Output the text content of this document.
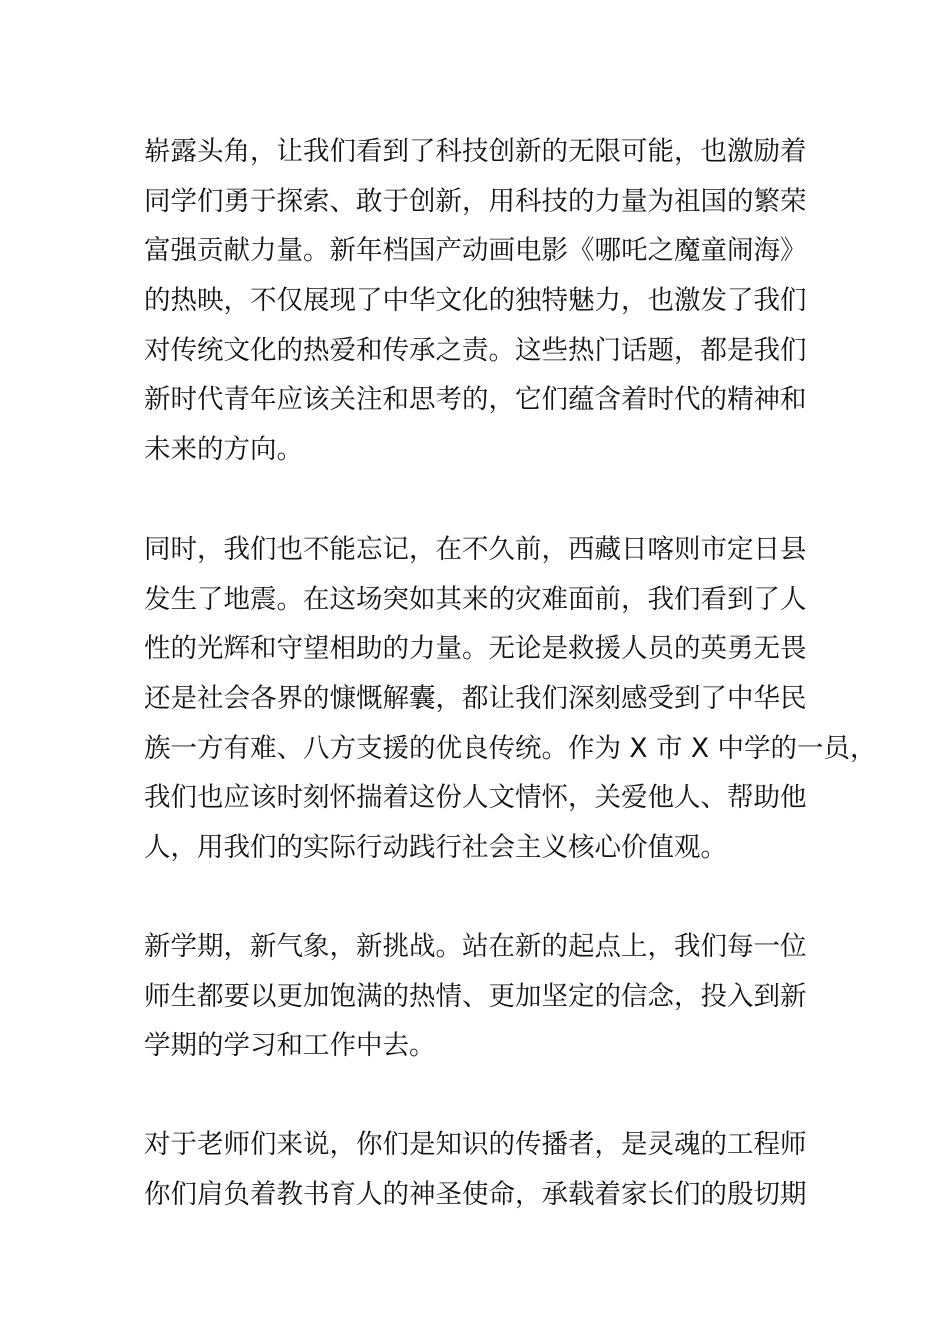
崭露头角，让我们看到了科技创新的无限可能，也激励着
同学们勇于探索、敢于创新，用科技的力量为祖国的繁荣
富强贡献力量。新年档国产动画电影《哪吒之魔童闹海》
的热映，不仅展现了中华文化的独特魅力，也激发了我们
对传统文化的热爱和传承之责。这些热门话题，都是我们
新时代青年应该关注和思考的，它们蕴含着时代的精神和
未来的方向。
同时，我们也不能忘记，在不久前，西藏日喀则市定日县
发生了地震。在这场突如其来的灾难面前，我们看到了人
性的光辉和守望相助的力量。无论是救援人员的英勇无畏
还是社会各界的慷慨解囊，都让我们深刻感受到了中华民
族一方有难、八方支援的优良传统。作为 X 市 X 中学的一员，
我们也应该时刻怀揣着这份人文情怀，关爱他人、帮助他
人，用我们的实际行动践行社会主义核心价值观。
新学期，新气象，新挑战。站在新的起点上，我们每一位
师生都要以更加饱满的热情、更加坚定的信念，投入到新
学期的学习和工作中去。
对于老师们来说，你们是知识的传播者，是灵魂的工程师
你们肩负着教书育人的神圣使命，承载着家长们的殷切期
